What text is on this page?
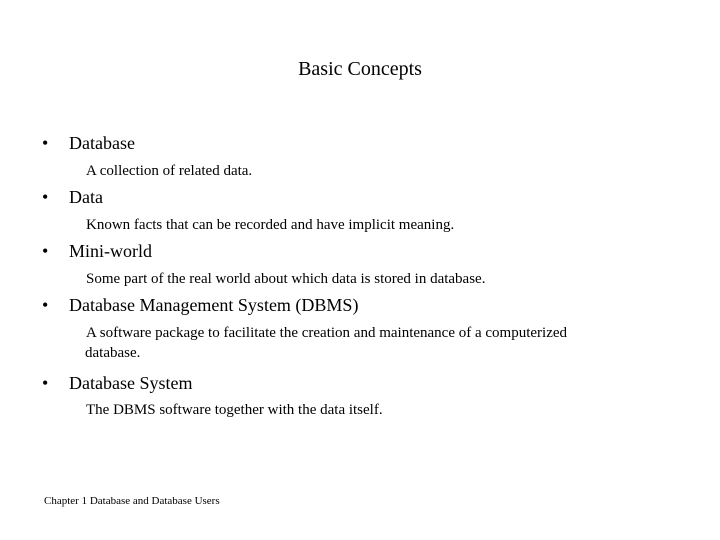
Basic Concepts
• Database
A collection of related data.
• Data
Known facts that can be recorded and have implicit meaning.
• Mini-world
Some part of the real world about which data is stored in database.
• Database Management System (DBMS)
A software package to facilitate the creation and maintenance of a computerized
database.
• Database System
The DBMS software together with the data itself.
Chapter 1 Database and Database Users
